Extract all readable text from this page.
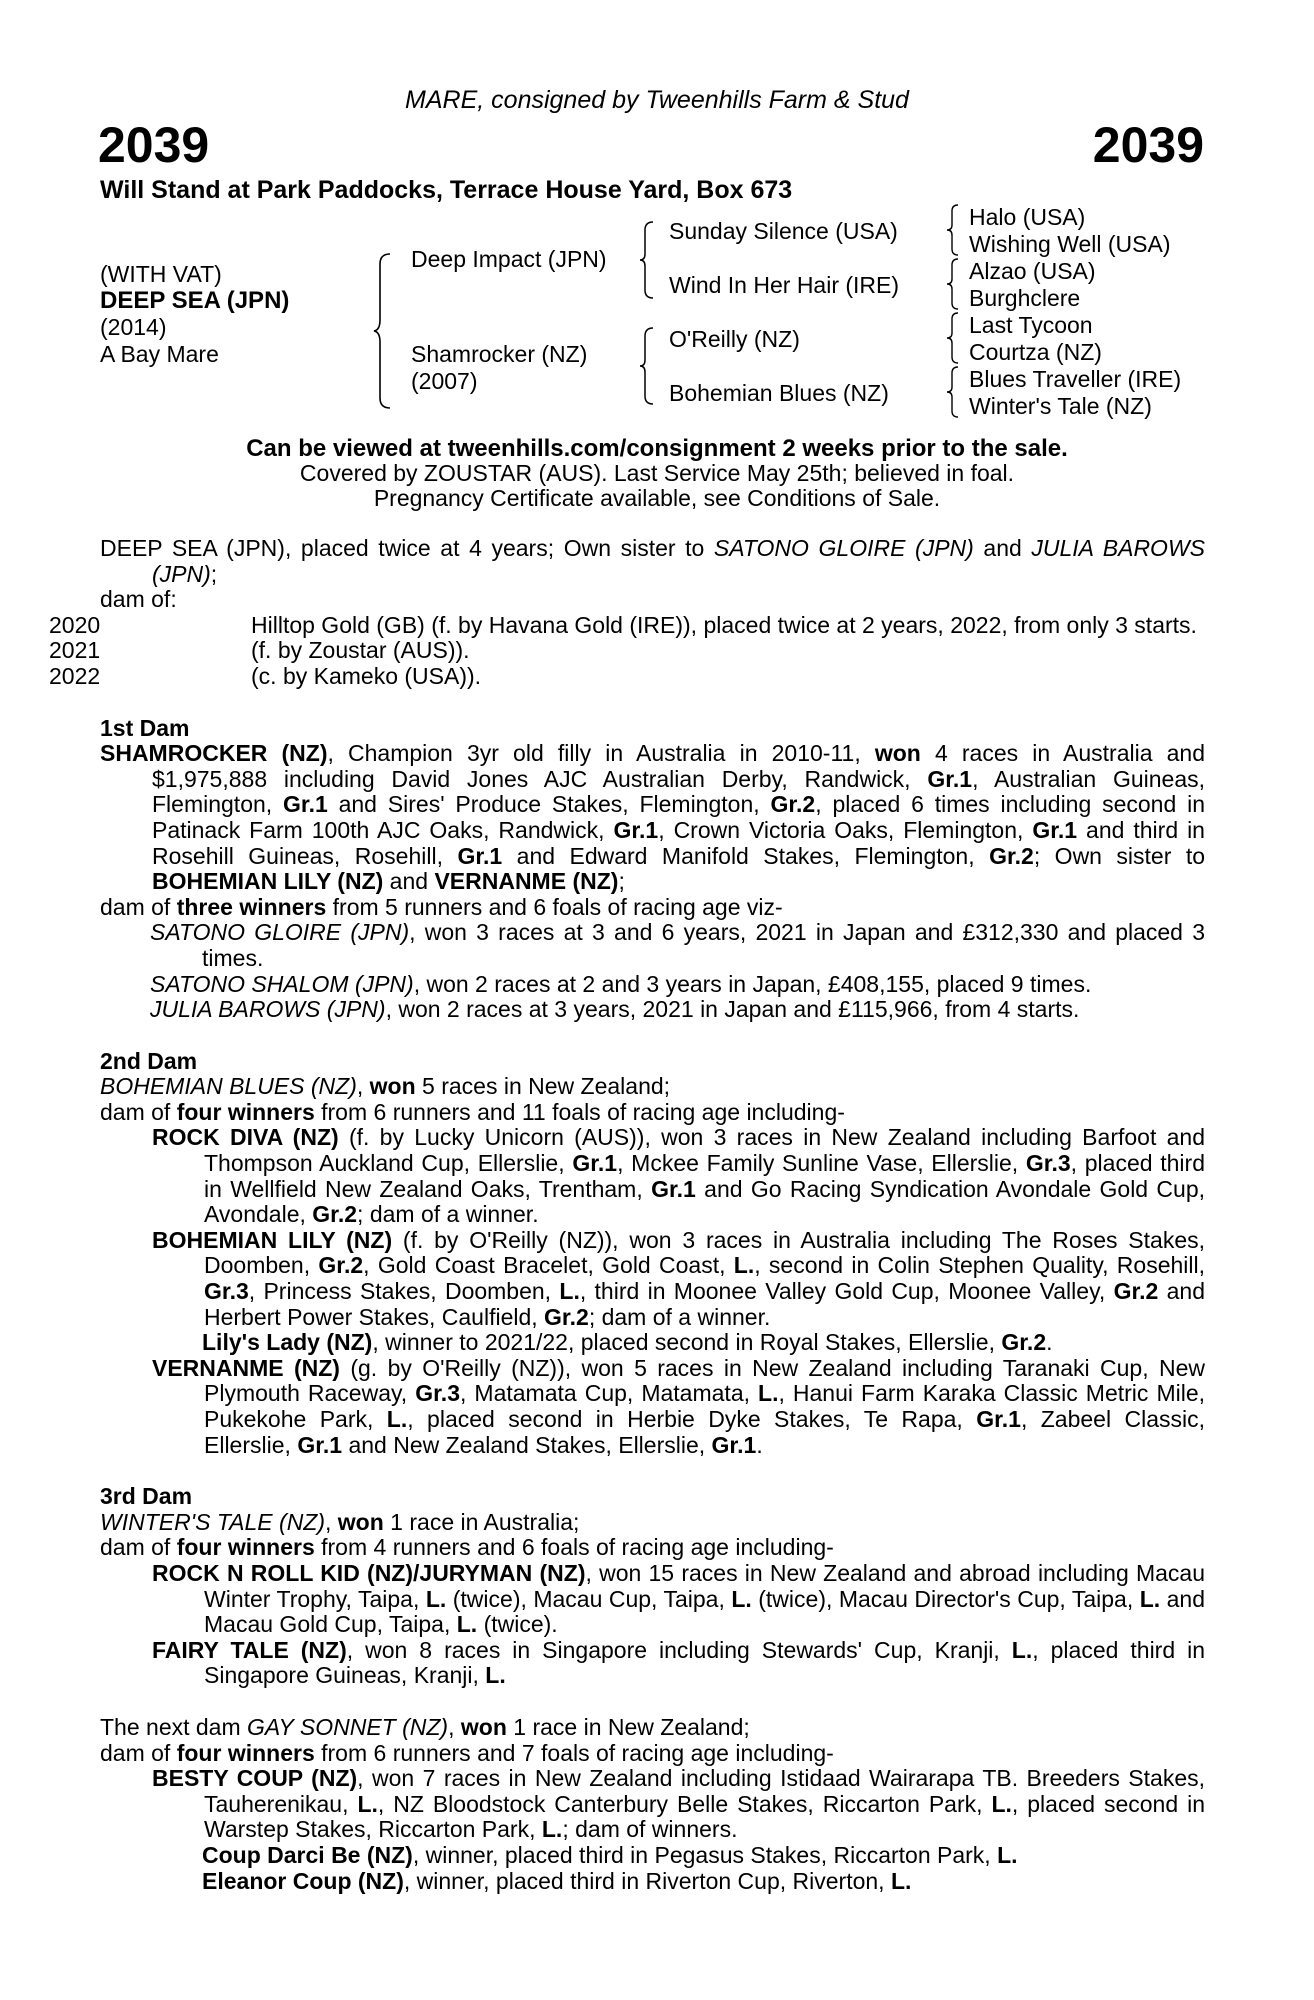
MARE, consigned by Tweenhills Farm & Stud
2039	2039
Will Stand at Park Paddocks, Terrace House Yard, Box 673
(WITH VAT)
DEEP SEA (JPN)
(2014)
A Bay Mare
Deep Impact (JPN)
Shamrocker (NZ)
(2007)
Sunday Silence (USA)
Wind In Her Hair (IRE)
O'Reilly (NZ)
Bohemian Blues (NZ)
Halo (USA)
Wishing Well (USA)
Alzao (USA)
Burghclere
Last Tycoon
Courtza (NZ)
Blues Traveller (IRE)
Winter's Tale (NZ)
Can be viewed at tweenhills.com/consignment 2 weeks prior to the sale.
Covered by ZOUSTAR (AUS). Last Service May 25th; believed in foal.
Pregnancy Certificate available, see Conditions of Sale.

DEEP SEA (JPN), placed twice at 4 years; Own sister to SATONO GLOIRE (JPN) and JULIA BAROWS (JPN);

dam of:

2020	Hilltop Gold (GB) (f. by Havana Gold (IRE)), placed twice at 2 years, 2022, from only 3 starts.

2021	(f. by Zoustar (AUS)).

2022	(c. by Kameko (USA)).

1st Dam

SHAMROCKER (NZ), Champion 3yr old filly in Australia in 2010-11, won 4 races in Australia and $1,975,888 including David Jones AJC Australian Derby, Randwick, Gr.1, Australian Guineas, Flemington, Gr.1 and Sires' Produce Stakes, Flemington, Gr.2, placed 6 times including second in Patinack Farm 100th AJC Oaks, Randwick, Gr.1, Crown Victoria Oaks, Flemington, Gr.1 and third in Rosehill Guineas, Rosehill, Gr.1 and Edward Manifold Stakes, Flemington, Gr.2; Own sister to BOHEMIAN LILY (NZ) and VERNANME (NZ);

dam of three winners from 5 runners and 6 foals of racing age viz-

SATONO GLOIRE (JPN), won 3 races at 3 and 6 years, 2021 in Japan and £312,330 and placed 3 times.

SATONO SHALOM (JPN), won 2 races at 2 and 3 years in Japan, £408,155, placed 9 times.

JULIA BAROWS (JPN), won 2 races at 3 years, 2021 in Japan and £115,966, from 4 starts.

2nd Dam

BOHEMIAN BLUES (NZ), won 5 races in New Zealand;

dam of four winners from 6 runners and 11 foals of racing age including-

ROCK DIVA (NZ) (f. by Lucky Unicorn (AUS)), won 3 races in New Zealand including Barfoot and Thompson Auckland Cup, Ellerslie, Gr.1, Mckee Family Sunline Vase, Ellerslie, Gr.3, placed third in Wellfield New Zealand Oaks, Trentham, Gr.1 and Go Racing Syndication Avondale Gold Cup, Avondale, Gr.2; dam of a winner.

BOHEMIAN LILY (NZ) (f. by O'Reilly (NZ)), won 3 races in Australia including The Roses Stakes, Doomben, Gr.2, Gold Coast Bracelet, Gold Coast, L., second in Colin Stephen Quality, Rosehill, Gr.3, Princess Stakes, Doomben, L., third in Moonee Valley Gold Cup, Moonee Valley, Gr.2 and Herbert Power Stakes, Caulfield, Gr.2; dam of a winner.

Lily's Lady (NZ), winner to 2021/22, placed second in Royal Stakes, Ellerslie, Gr.2.

VERNANME (NZ) (g. by O'Reilly (NZ)), won 5 races in New Zealand including Taranaki Cup, New Plymouth Raceway, Gr.3, Matamata Cup, Matamata, L., Hanui Farm Karaka Classic Metric Mile, Pukekohe Park, L., placed second in Herbie Dyke Stakes, Te Rapa, Gr.1, Zabeel Classic, Ellerslie, Gr.1 and New Zealand Stakes, Ellerslie, Gr.1.

3rd Dam

WINTER'S TALE (NZ), won 1 race in Australia;

dam of four winners from 4 runners and 6 foals of racing age including-

ROCK N ROLL KID (NZ)/JURYMAN (NZ), won 15 races in New Zealand and abroad including Macau Winter Trophy, Taipa, L. (twice), Macau Cup, Taipa, L. (twice), Macau Director's Cup, Taipa, L. and Macau Gold Cup, Taipa, L. (twice).

FAIRY TALE (NZ), won 8 races in Singapore including Stewards' Cup, Kranji, L., placed third in Singapore Guineas, Kranji, L.

The next dam GAY SONNET (NZ), won 1 race in New Zealand;

dam of four winners from 6 runners and 7 foals of racing age including-

BESTY COUP (NZ), won 7 races in New Zealand including Istidaad Wairarapa TB. Breeders Stakes, Tauherenikau, L., NZ Bloodstock Canterbury Belle Stakes, Riccarton Park, L., placed second in Warstep Stakes, Riccarton Park, L.; dam of winners.

Coup Darci Be (NZ), winner, placed third in Pegasus Stakes, Riccarton Park, L.

Eleanor Coup (NZ), winner, placed third in Riverton Cup, Riverton, L.
